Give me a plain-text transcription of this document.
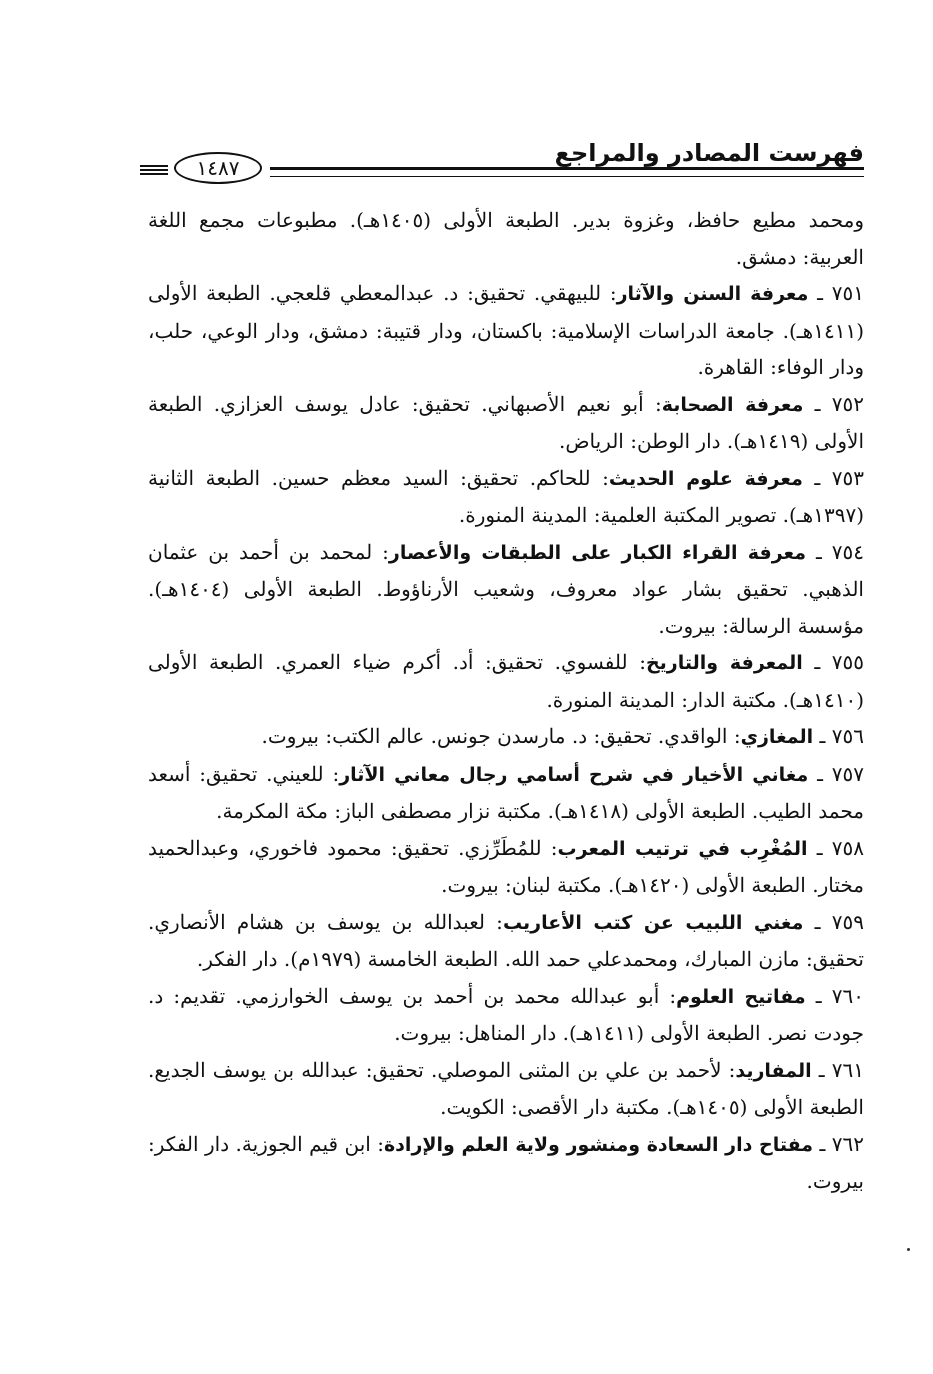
فهرست المصادر والمراجع
١٤٨٧

ومحمد مطيع حافظ، وغزوة بدير. الطبعة الأولى (١٤٠٥هـ). مطبوعات مجمع اللغة العربية: دمشق.

٧٥١ ـ معرفة السنن والآثار: للبيهقي. تحقيق: د. عبدالمعطي قلعجي. الطبعة الأولى (١٤١١هـ). جامعة الدراسات الإسلامية: باكستان، ودار قتيبة: دمشق، ودار الوعي، حلب، ودار الوفاء: القاهرة.

٧٥٢ ـ معرفة الصحابة: أبو نعيم الأصبهاني. تحقيق: عادل يوسف العزازي. الطبعة الأولى (١٤١٩هـ). دار الوطن: الرياض.

٧٥٣ ـ معرفة علوم الحديث: للحاكم. تحقيق: السيد معظم حسين. الطبعة الثانية (١٣٩٧هـ). تصوير المكتبة العلمية: المدينة المنورة.

٧٥٤ ـ معرفة القراء الكبار على الطبقات والأعصار: لمحمد بن أحمد بن عثمان الذهبي. تحقيق بشار عواد معروف، وشعيب الأرناؤوط. الطبعة الأولى (١٤٠٤هـ). مؤسسة الرسالة: بيروت.

٧٥٥ ـ المعرفة والتاريخ: للفسوي. تحقيق: أد. أكرم ضياء العمري. الطبعة الأولى (١٤١٠هـ). مكتبة الدار: المدينة المنورة.

٧٥٦ ـ المغازي: الواقدي. تحقيق: د. مارسدن جونس. عالم الكتب: بيروت.

٧٥٧ ـ مغاني الأخيار في شرح أسامي رجال معاني الآثار: للعيني. تحقيق: أسعد محمد الطيب. الطبعة الأولى (١٤١٨هـ). مكتبة نزار مصطفى الباز: مكة المكرمة.

٧٥٨ ـ المُغْرِب في ترتيب المعرب: للمُطَرِّزي. تحقيق: محمود فاخوري، وعبدالحميد مختار. الطبعة الأولى (١٤٢٠هـ). مكتبة لبنان: بيروت.

٧٥٩ ـ مغني اللبيب عن كتب الأعاريب: لعبدالله بن يوسف بن هشام الأنصاري. تحقيق: مازن المبارك، ومحمدعلي حمد الله. الطبعة الخامسة (١٩٧٩م). دار الفكر.

٧٦٠ ـ مفاتيح العلوم: أبو عبدالله محمد بن أحمد بن يوسف الخوارزمي. تقديم: د. جودت نصر. الطبعة الأولى (١٤١١هـ). دار المناهل: بيروت.

٧٦١ ـ المفاريد: لأحمد بن علي بن المثنى الموصلي. تحقيق: عبدالله بن يوسف الجديع. الطبعة الأولى (١٤٠٥هـ). مكتبة دار الأقصى: الكويت.

٧٦٢ ـ مفتاح دار السعادة ومنشور ولاية العلم والإرادة: ابن قيم الجوزية. دار الفكر: بيروت.
